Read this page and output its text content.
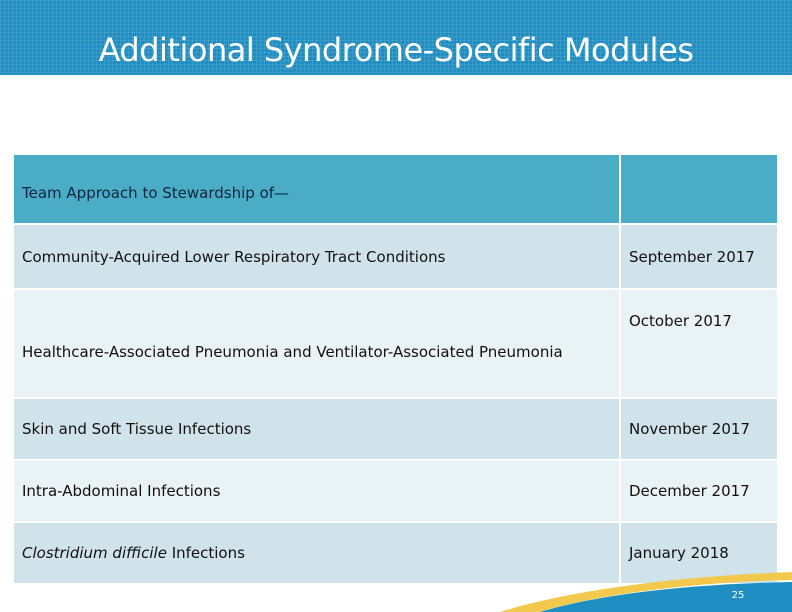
Additional Syndrome-Specific Modules
Team Approach to Stewardship of—	
Community-Acquired Lower Respiratory Tract Conditions	September 2017
Healthcare-Associated Pneumonia and Ventilator-Associated Pneumonia	October 2017
Skin and Soft Tissue Infections	November 2017
Intra-Abdominal Infections	December 2017
Clostridium difficile Infections	January 2018
25
